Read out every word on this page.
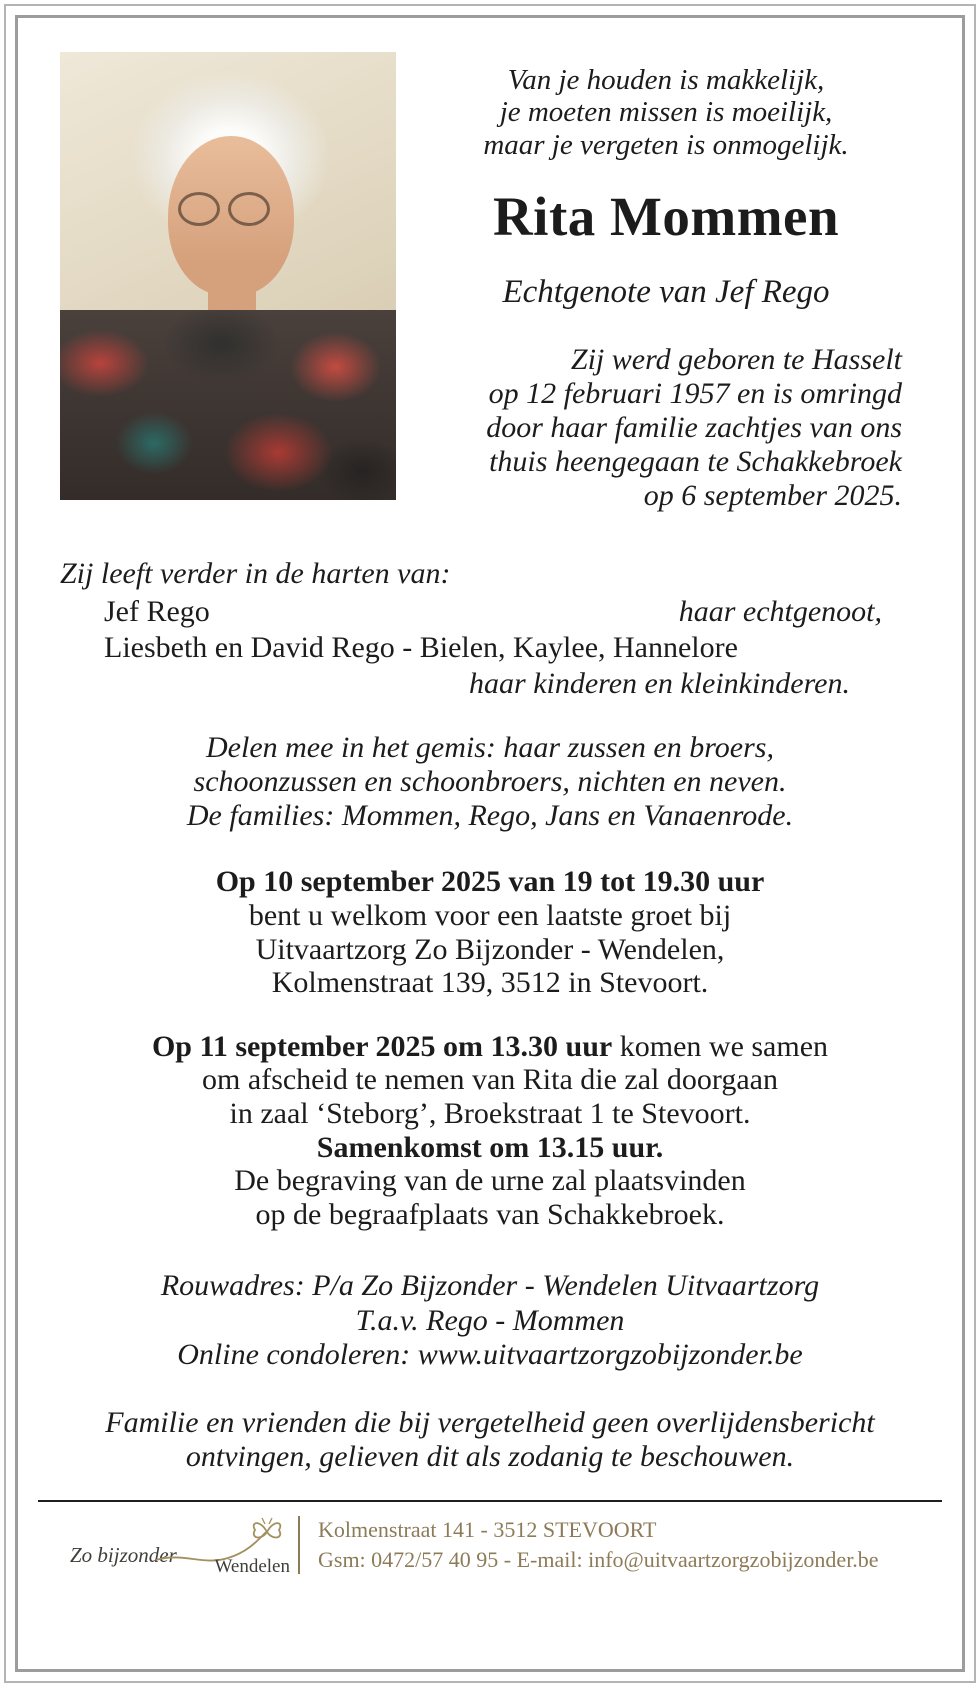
Van je houden is makkelijk,
je moeten missen is moeilijk,
maar je vergeten is onmogelijk.
Rita Mommen
Echtgenote van Jef Rego
Zij werd geboren te Hasselt
op 12 februari 1957 en is omringd
door haar familie zachtjes van ons
thuis heengegaan te Schakkebroek
op 6 september 2025.
Zij leeft verder in de harten van:
Jef Rego	haar echtgenoot,
Liesbeth en David Rego - Bielen, Kaylee, Hannelore
haar kinderen en kleinkinderen.
Delen mee in het gemis: haar zussen en broers,
schoonzussen en schoonbroers, nichten en neven.
De families: Mommen, Rego, Jans en Vanaenrode.
Op 10 september 2025 van 19 tot 19.30 uur
bent u welkom voor een laatste groet bij
Uitvaartzorg Zo Bijzonder - Wendelen,
Kolmenstraat 139, 3512 in Stevoort.
Op 11 september 2025 om 13.30 uur komen we samen
om afscheid te nemen van Rita die zal doorgaan
in zaal ‘Steborg’, Broekstraat 1 te Stevoort.
Samenkomst om 13.15 uur.
De begraving van de urne zal plaatsvinden
op de begraafplaats van Schakkebroek.
Rouwadres: P/a Zo Bijzonder - Wendelen Uitvaartzorg
T.a.v. Rego - Mommen
Online condoleren: www.uitvaartzorgzobijzonder.be
Familie en vrienden die bij vergetelheid geen overlijdensbericht
ontvingen, gelieven dit als zodanig te beschouwen.
Zo bijzonder Wendelen
Kolmenstraat 141 - 3512 STEVOORT
Gsm: 0472/57 40 95 - E-mail: info@uitvaartzorgzobijzonder.be
